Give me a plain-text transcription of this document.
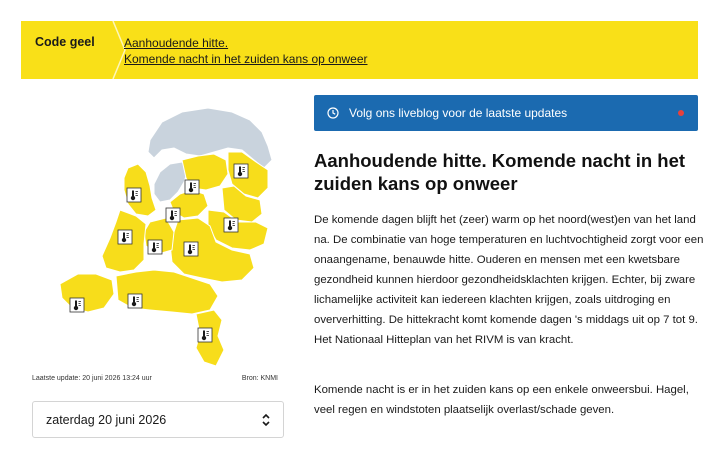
Code geel Aanhoudende hitte.
Komende nacht in het zuiden kans op onweer
Laatste update: 20 juni 2026 13:24 uur	Bron: KNMI
zaterdag 20 juni 2026
Volg ons liveblog voor de laatste updates
Aanhoudende hitte. Komende nacht in het zuiden kans op onweer

De komende dagen blijft het (zeer) warm op het noord(west)en van het land na. De combinatie van hoge temperaturen en luchtvochtigheid zorgt voor een onaangename, benauwde hitte. Ouderen en mensen met een kwetsbare gezondheid kunnen hierdoor gezondheidsklachten krijgen. Echter, bij zware lichamelijke activiteit kan iedereen klachten krijgen, zoals uitdroging en oververhitting. De hittekracht komt komende dagen 's middags uit op 7 tot 9. Het Nationaal Hitteplan van het RIVM is van kracht.

Komende nacht is er in het zuiden kans op een enkele onweersbui. Hagel, veel regen en windstoten plaatselijk overlast/schade geven.
